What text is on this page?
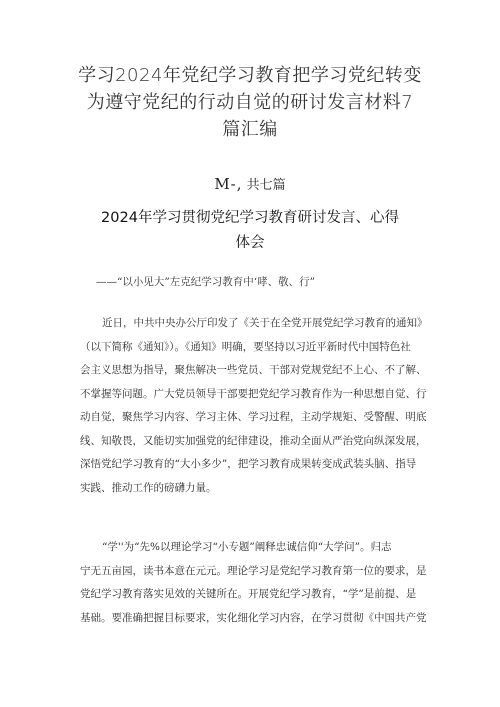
学习2024年党纪学习教育把学习党纪转变
为遵守党纪的行动自觉的研讨发言材料7
篇汇编
M-, 共七篇
2024年学习贯彻党纪学习教育研讨发言、心得
体会
——“以小见大”左克纪学习教育中‘哮、敬、行”
近日，中共中央办公厅印发了《关于在全党开展党纪学习教育的通知》
（以下简称《通知》）。《通知》明确，要坚持以习近平新时代中国特色社
会主义思想为指导，聚焦解决一些党员、干部对党规党纪不上心、不了解、
不掌握等问题。广大党员领导干部要把党纪学习教育作为一种思想自觉、行
动自觉，聚焦学习内容、学习主体、学习过程，主动学规矩、受警醒、明底
线、知敬畏，又能切实加强党的纪律建设，推动全面从严治党向纵深发展，
深悟党纪学习教育的“大小多少”，把学习教育成果转变成武装头脑、指导
实践、推动工作的磅礴力量。
“学''为“先%以理论学习“小专题”阐释忠诚信仰“大学问”。归志
宁无五亩园，读书本意在元元。理论学习是党纪学习教育第一位的要求，是
党纪学习教育落实见效的关键所在。开展党纪学习教育，“学”是前提、是
基础。要准确把握目标要求，实化细化学习内容，在学习贯彻《中国共产党
